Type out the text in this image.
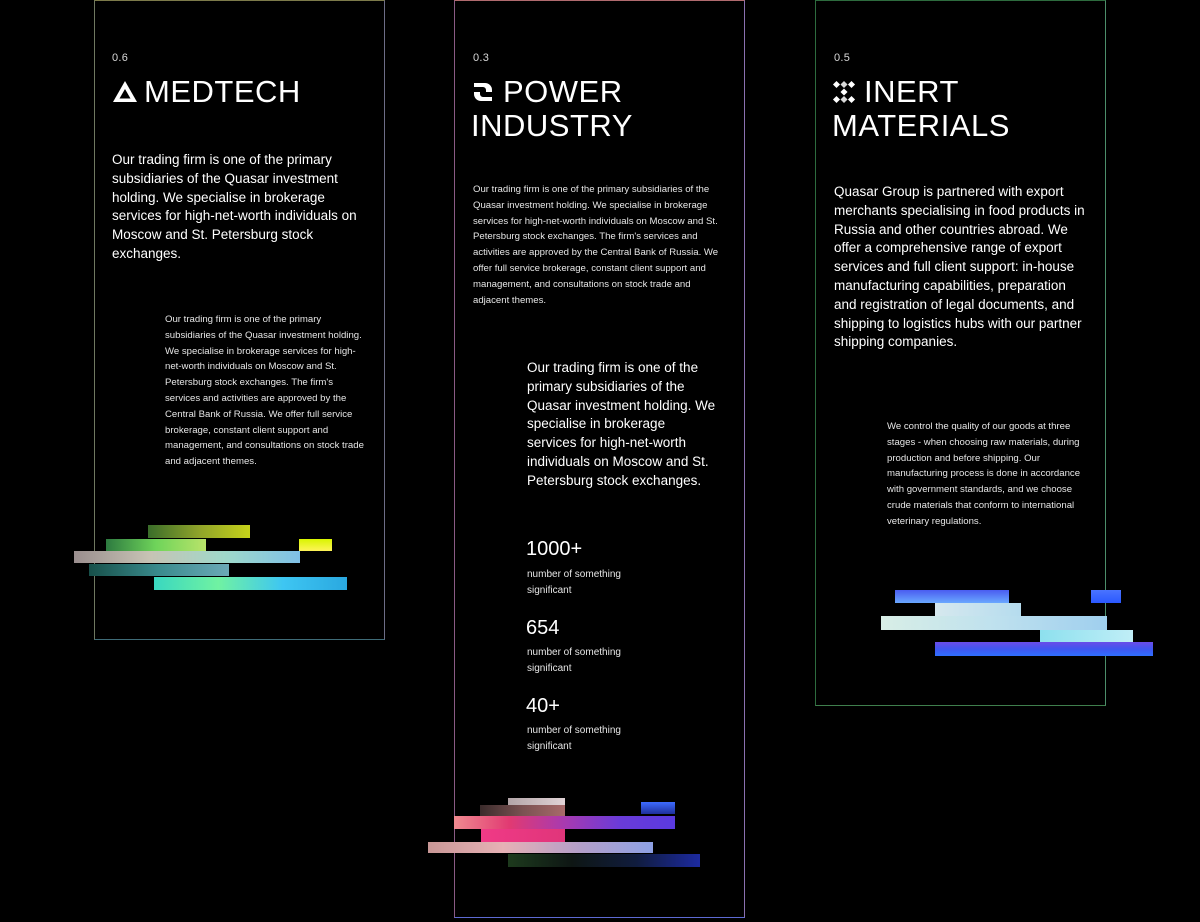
0.6
MEDTECH

Our trading firm is one of the primary subsidiaries of the Quasar investment holding. We specialise in brokerage services for high-net-worth individuals on Moscow and St. Petersburg stock exchanges.

Our trading firm is one of the primary subsidiaries of the Quasar investment holding. We specialise in brokerage services for high-net-worth individuals on Moscow and St. Petersburg stock exchanges. The firm's services and activities are approved by the Central Bank of Russia. We offer full service brokerage, constant client support and management, and consultations on stock trade and adjacent themes.

0.3
POWER
INDUSTRY

Our trading firm is one of the primary subsidiaries of the Quasar investment holding. We specialise in brokerage services for high-net-worth individuals on Moscow and St. Petersburg stock exchanges. The firm's services and activities are approved by the Central Bank of Russia. We offer full service brokerage, constant client support and management, and consultations on stock trade and adjacent themes.

Our trading firm is one of the primary subsidiaries of the Quasar investment holding. We specialise in brokerage services for high-net-worth individuals on Moscow and St. Petersburg stock exchanges.

1000+
number of something significant
654
number of something significant
40+
number of something significant
0.5
INERT
MATERIALS

Quasar Group is partnered with export merchants specialising in food products in Russia and other countries abroad. We offer a comprehensive range of export services and full client support: in-house manufacturing capabilities, preparation and registration of legal documents, and shipping to logistics hubs with our partner shipping companies.

We control the quality of our goods at three stages - when choosing raw materials, during production and before shipping. Our manufacturing process is done in accordance with government standards, and we choose crude materials that conform to international veterinary regulations.
